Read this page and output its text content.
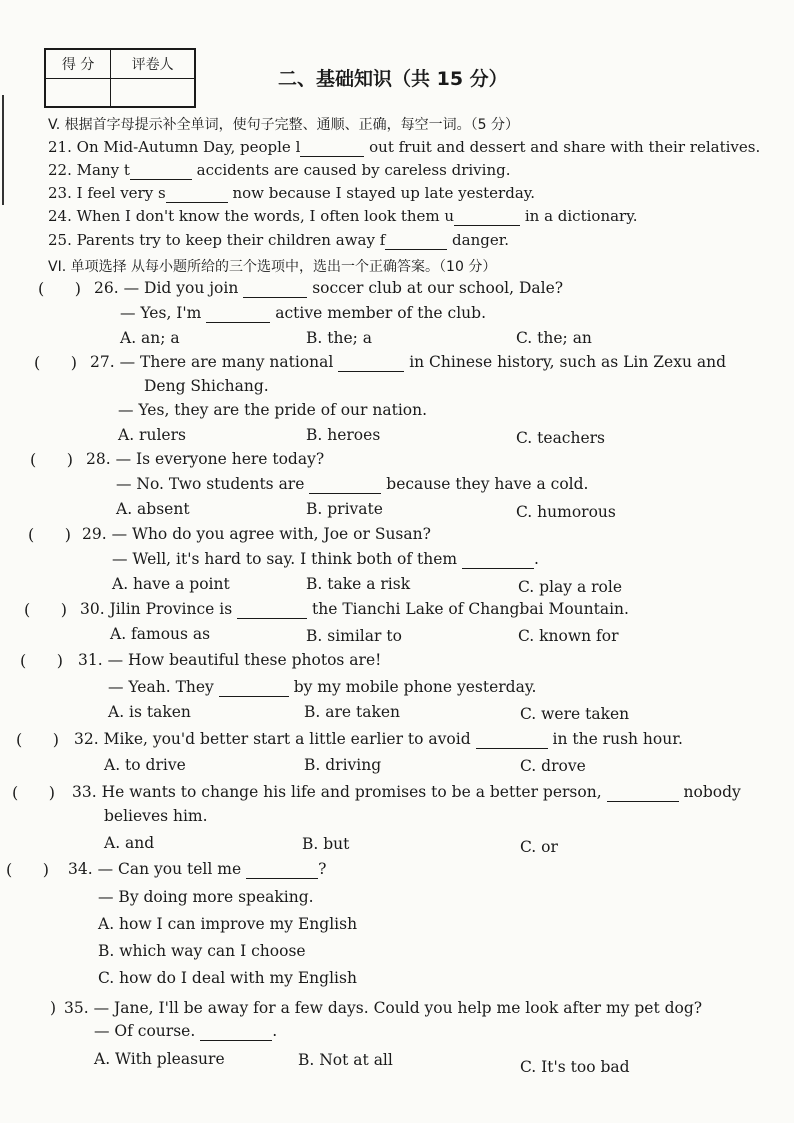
得 分	评卷人

二、基础知识（共 15 分）
V. 根据首字母提示补全单词，使句子完整、通顺、正确，每空一词。（5 分）
21. On Mid-Autumn Day, people l	out fruit and dessert and share with their relatives.
22. Many t	accidents are caused by careless driving.
23. I feel very s	now because I stayed up late yesterday.
24. When I don't know the words, I often look them u	in a dictionary.
25. Parents try to keep their children away f	danger.
VI. 单项选择 从每小题所给的三个选项中，选出一个正确答案。（10 分）
(      ) 26. — Did you join	soccer club at our school, Dale?
— Yes, I'm	active member of the club.
A. an; a	B. the; a	C. the; an
(      ) 27. — There are many national	in Chinese history, such as Lin Zexu and
Deng Shichang.
— Yes, they are the pride of our nation.
A. rulers	B. heroes	C. teachers
(      ) 28. — Is everyone here today?
— No. Two students are	because they have a cold.
A. absent	B. private	C. humorous
(      ) 29. — Who do you agree with, Joe or Susan?
— Well, it's hard to say. I think both of them	.
A. have a point	B. take a risk	C. play a role
(      ) 30. Jilin Province is	the Tianchi Lake of Changbai Mountain.
A. famous as	B. similar to	C. known for
(      ) 31. — How beautiful these photos are!
— Yeah. They	by my mobile phone yesterday.
A. is taken	B. are taken	C. were taken
(      ) 32. Mike, you'd better start a little earlier to avoid	in the rush hour.
A. to drive	B. driving	C. drove
(      ) 33. He wants to change his life and promises to be a better person,	nobody
believes him.
A. and	B. but	C. or
(      ) 34. — Can you tell me	?
— By doing more speaking.
A. how I can improve my English
B. which way can I choose
C. how do I deal with my English
) 35. — Jane, I'll be away for a few days. Could you help me look after my pet dog?
— Of course.	.
A. With pleasure	B. Not at all	C. It's too bad
